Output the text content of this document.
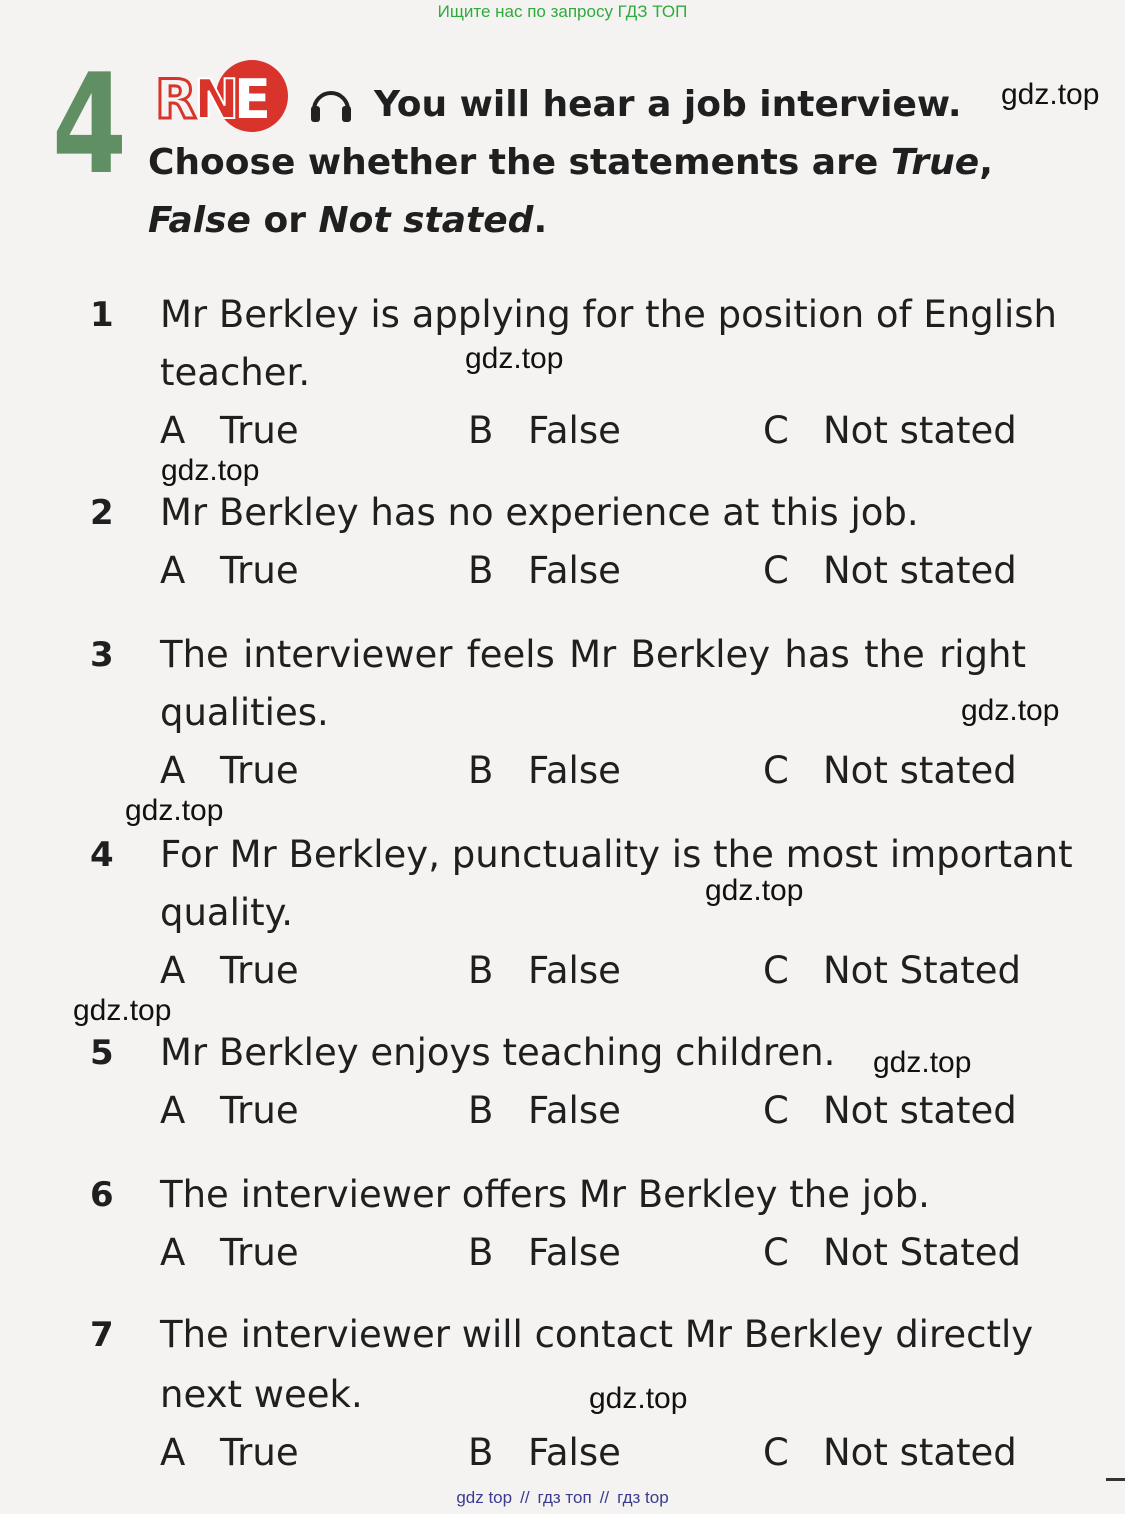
Ищите нас по запросу ГДЗ ТОП
4 R
N
E	You will hear a job interview.
Choose whether the statements are True,
False or Not stated.
1 Mr Berkley is applying for the position of English
teacher.
A True	B False	C Not stated
2 Mr Berkley has no experience at this job.
A True	B False	C Not stated
3 The interviewer feels Mr Berkley has the right
qualities.
A True	B False	C Not stated
4 For Mr Berkley, punctuality is the most important
quality.
A True	B False	C Not Stated
5 Mr Berkley enjoys teaching children.
A True	B False	C Not stated
6 The interviewer offers Mr Berkley the job.
A True	B False	C Not Stated
7 The interviewer will contact Mr Berkley directly
next week.
A True	B False	C Not stated
gdz.top
gdz.top
gdz.top
gdz.top
gdz.top
gdz.top
gdz.top
gdz.top
gdz.top
gdz top // гдз топ // гдз top
